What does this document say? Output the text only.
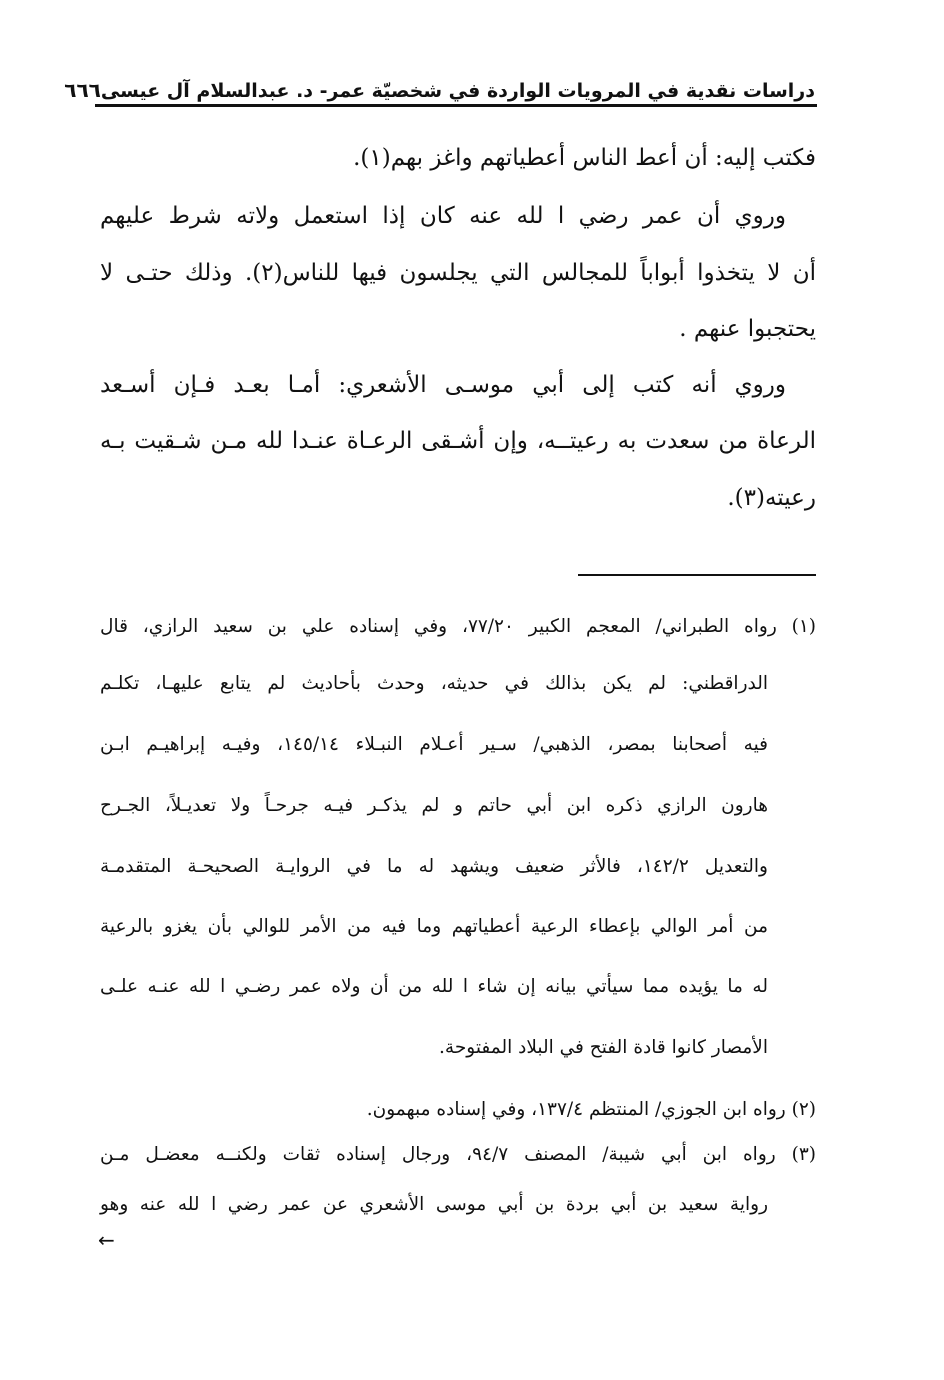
دراسات نقدية في المرويات الواردة في شخصيّة عمر- د. عبدالسلام آل عيسى
٦٦٦
فكتب إليه: أن أعط الناس أعطياتهم واغز بهم(١).
وروي أن عمر رضي ا لله عنه كان إذا استعمل ولاته شرط عليهم
أن لا يتخذوا أبواباً للمجالس التي يجلسون فيها للناس(٢). وذلك حتـى لا
يحتجبوا عنهم .
وروي أنه كتب إلى أبي موسـى الأشعري: أمـا بعـد فـإن أسـعد
الرعاة من سعدت به رعيتــه، وإن أشـقى الرعـاة عنـدا لله مـن شـقيت بـه
رعيته(٣).
(١) رواه الطبراني/ المعجم الكبير ٧٧/٢٠، وفي إسناده علي بن سعيد الرازي، قال
الدراقطني: لم يكن بذالك في حديثه، وحدث بأحاديث لم يتابع عليهـا، تكلـم
فيه أصحابنا بمصر، الذهبي/ سـير أعـلام النبـلاء ١٤٥/١٤، وفيـه إبراهيـم ابـن
هارون الرازي ذكره ابن أبي حاتم و لم يذكـر فيـه جرحـاً ولا تعديـلاً، الجـرح
والتعديل ١٤٢/٢، فالأثر ضعيف ويشهد له ما في الروايـة الصحيحـة المتقدمـة
من أمر الوالي بإعطاء الرعية أعطياتهم وما فيه من الأمر للوالي بأن يغزو بالرعية
له ما يؤيده مما سيأتي بيانه إن شاء ا لله من أن ولاه عمر رضـي ا لله عنـه علـى
الأمصار كانوا قادة الفتح في البلاد المفتوحة.
(٢) رواه ابن الجوزي/ المنتظم ١٣٧/٤، وفي إسناده مبهمون.
(٣) رواه ابن أبي شيبة/ المصنف ٩٤/٧، ورجال إسناده ثقات ولكنــه معضـل مـن
رواية سعيد بن أبي بردة بن أبي موسى الأشعري عن عمر رضي ا لله عنه وهو
←
